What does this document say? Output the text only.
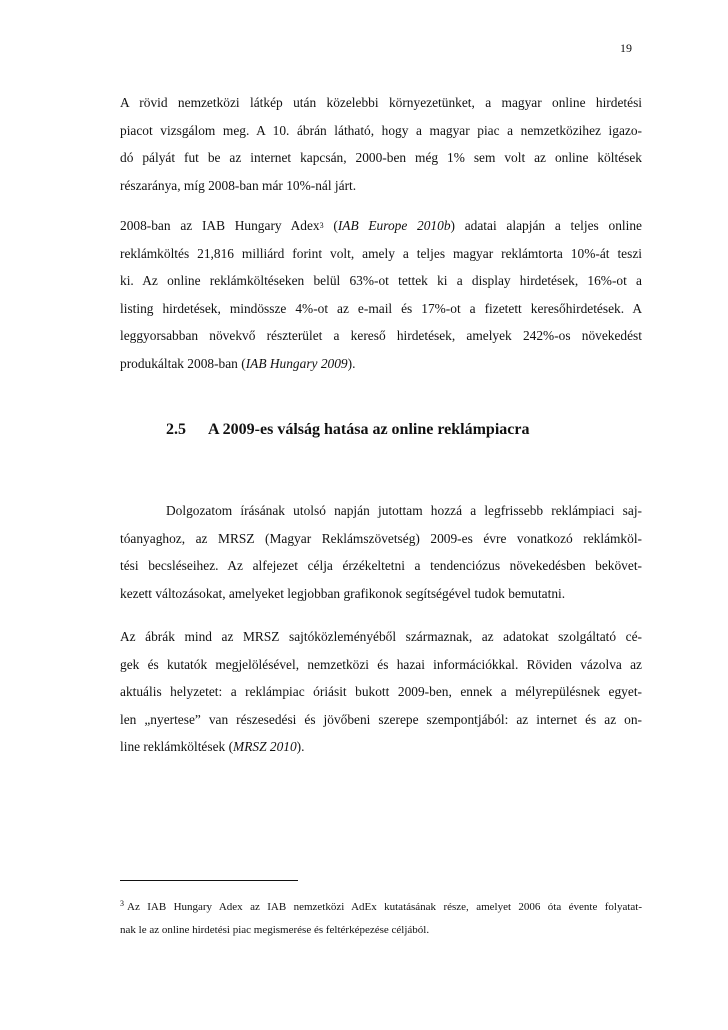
19
A rövid nemzetközi látkép után közelebbi környezetünket, a magyar online hirdetési
piacot vizsgálom meg. A 10. ábrán látható, hogy a magyar piac a nemzetközihez igazo-
dó pályát fut be az internet kapcsán, 2000-ben még 1% sem volt az online költések
részaránya, míg 2008-ban már 10%-nál járt.
2008-ban az IAB Hungary Adex$^3$ (IAB Europe 2010b) adatai alapján a teljes online
reklámköltés 21,816 milliárd forint volt, amely a teljes magyar reklámtorta 10%-át teszi
ki. Az online reklámköltéseken belül 63%-ot tettek ki a display hirdetések, 16%-ot a
listing hirdetések, mindössze 4%-ot az e-mail és 17%-ot a fizetett keresőhirdetések. A
leggyorsabban növekvő részterület a kereső hirdetések, amelyek 242%-os növekedést
produkáltak 2008-ban (IAB Hungary 2009).
2.5 A 2009-es válság hatása az online reklámpiacra
Dolgozatom írásának utolsó napján jutottam hozzá a legfrissebb reklámpiaci saj-
tóanyaghoz, az MRSZ (Magyar Reklámszövetség) 2009-es évre vonatkozó reklámköl-
tési becsléseihez. Az alfejezet célja érzékeltetni a tendenciózus növekedésben bekövet-
kezett változásokat, amelyeket legjobban grafikonok segítségével tudok bemutatni.
Az ábrák mind az MRSZ sajtóközleményéből származnak, az adatokat szolgáltató cé-
gek és kutatók megjelölésével, nemzetközi és hazai információkkal. Röviden vázolva az
aktuális helyzetet: a reklámpiac óriásit bukott 2009-ben, ennek a mélyrepülésnek egyet-
len „nyertese” van részesedési és jövőbeni szerepe szempontjából: az internet és az on-
line reklámköltések (MRSZ 2010).
$^3$ Az IAB Hungary Adex az IAB nemzetközi AdEx kutatásának része, amelyet 2006 óta évente folyatat-
nak le az online hirdetési piac megismerése és feltérképezése céljából.
